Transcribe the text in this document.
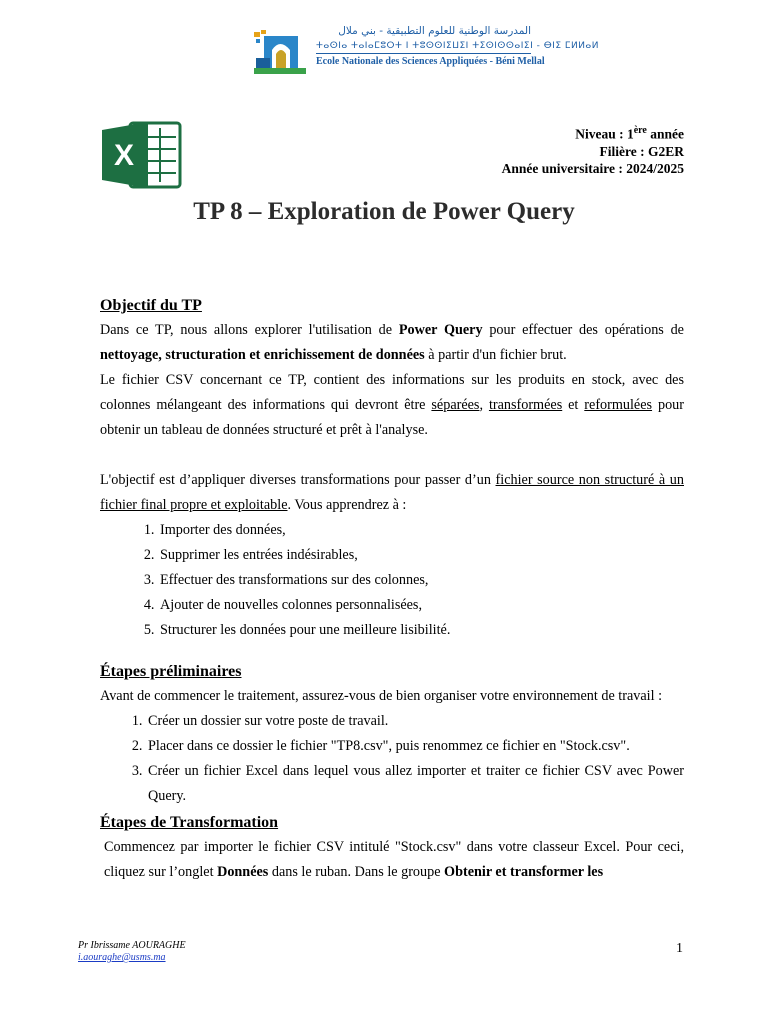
المدرسة الوطنية للعلوم التطبيقية - بني ملال
ⵜⴰⵙⵏⴰ ⵜⴰⵏⴰⵎⵓⵔⵜ ⵏ ⵜⵓⵙⵙⵏⵉⵡⵉⵏ ⵜⵉⵙⵏⵙⵙⴰⵏⵉⵏ - ⴱⵏⵉ ⵎⵍⵍⴰⵍ
Ecole Nationale des Sciences Appliquées - Béni Mellal
X
Niveau : 1ère année
Filière : G2ER
Année universitaire : 2024/2025
TP 8 – Exploration de Power Query
Objectif du TP

Dans ce TP, nous allons explorer l'utilisation de Power Query pour effectuer des opérations de nettoyage, structuration et enrichissement de données à partir d'un fichier brut.

Le fichier CSV concernant ce TP, contient des informations sur les produits en stock, avec des colonnes mélangeant des informations qui devront être séparées, transformées et reformulées pour obtenir un tableau de données structuré et prêt à l'analyse.

L'objectif est d’appliquer diverses transformations pour passer d’un fichier source non structuré à un fichier final propre et exploitable. Vous apprendrez à :

1. Importer des données,
2. Supprimer les entrées indésirables,
3. Effectuer des transformations sur des colonnes,
4. Ajouter de nouvelles colonnes personnalisées,
5. Structurer les données pour une meilleure lisibilité.
Étapes préliminaires

Avant de commencer le traitement, assurez-vous de bien organiser votre environnement de travail :

1. Créer un dossier sur votre poste de travail.
2. Placer dans ce dossier le fichier "TP8.csv", puis renommez ce fichier en "Stock.csv".
3. Créer un fichier Excel dans lequel vous allez importer et traiter ce fichier CSV avec Power Query.
Étapes de Transformation

Commencez par importer le fichier CSV intitulé "Stock.csv" dans votre classeur Excel. Pour ceci, cliquez sur l’onglet Données dans le ruban. Dans le groupe Obtenir et transformer les

Pr Ibrissame AOURAGHE
i.aouraghe@usms.ma
1
